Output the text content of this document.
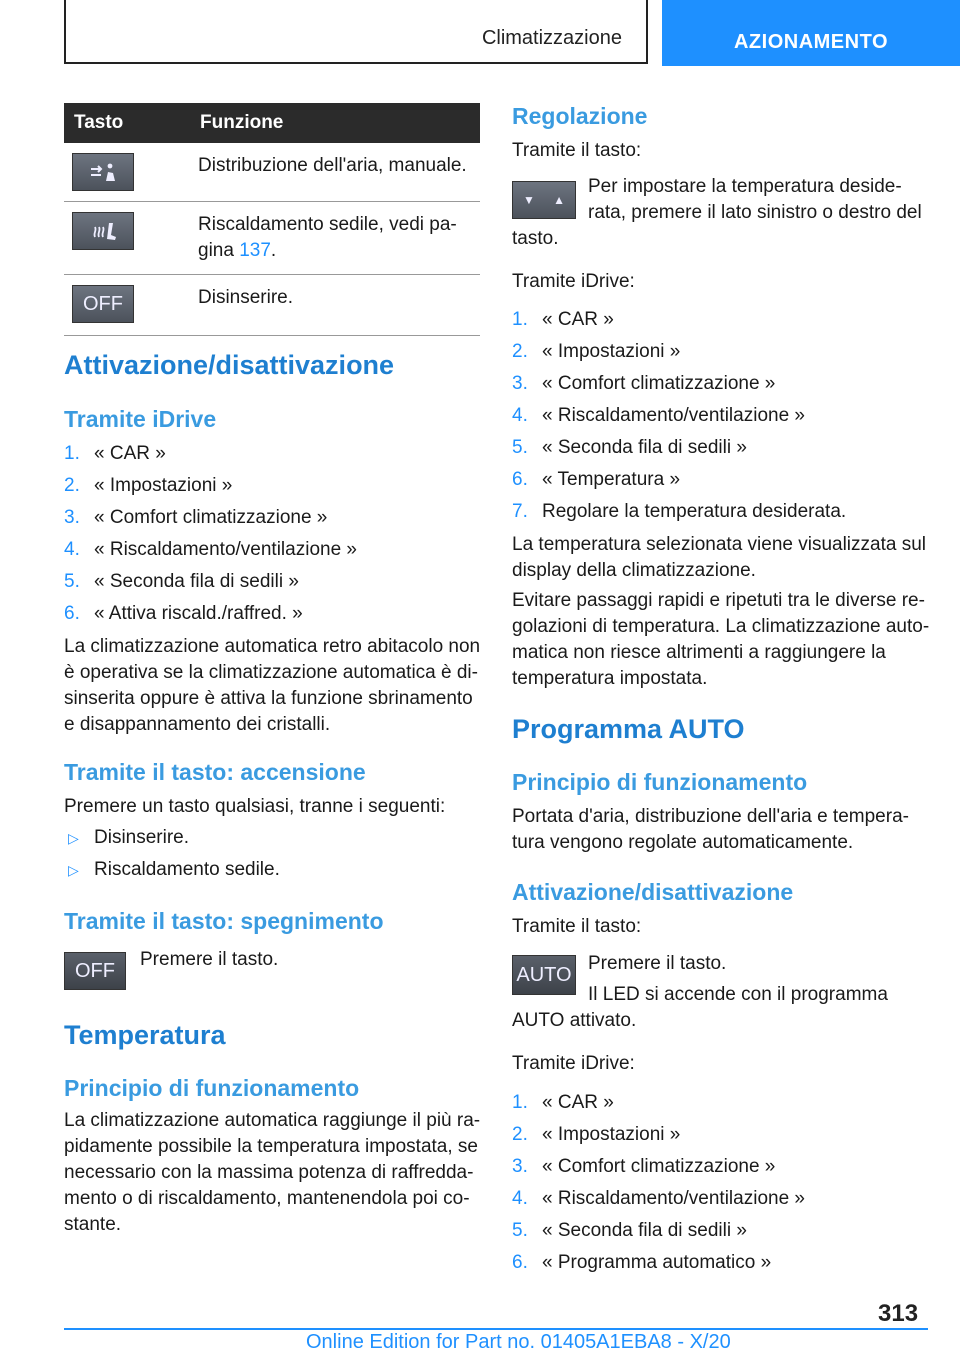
Climatizzazione	AZIONAMENTO
Tasto	Funzione

	Distribuzione dell'aria, manuale.

	Riscaldamento sedile, vedi pa-
gina 137.

OFF	Disinserire.
Attivazione/disattivazione
Tramite iDrive
1. « CAR »
2. « Impostazioni »
3. « Comfort climatizzazione »
4. « Riscaldamento/ventilazione »
5. « Seconda fila di sedili »
6. « Attiva riscald./raffred. »
La climatizzazione automatica retro abitacolo non
è operativa se la climatizzazione automatica è di-
sinserita oppure è attiva la funzione sbrinamento
e disappannamento dei cristalli.
Tramite il tasto: accensione
Premere un tasto qualsiasi, tranne i seguenti:
▷ Disinserire.
▷ Riscaldamento sedile.
Tramite il tasto: spegnimento
OFF	Premere il tasto.
Temperatura
Principio di funzionamento
La climatizzazione automatica raggiunge il più ra-
pidamente possibile la temperatura impostata, se
necessario con la massima potenza di raffredda-
mento o di riscaldamento, mantenendola poi co-
stante.
Regolazione
Tramite il tasto:
▼ ▲
Per impostare la temperatura deside-
rata, premere il lato sinistro o destro del
tasto.
Tramite iDrive:
1. « CAR »
2. « Impostazioni »
3. « Comfort climatizzazione »
4. « Riscaldamento/ventilazione »
5. « Seconda fila di sedili »
6. « Temperatura »
7. Regolare la temperatura desiderata.
La temperatura selezionata viene visualizzata sul
display della climatizzazione.
Evitare passaggi rapidi e ripetuti tra le diverse re-
golazioni di temperatura. La climatizzazione auto-
matica non riesce altrimenti a raggiungere la
temperatura impostata.
Programma AUTO
Principio di funzionamento
Portata d'aria, distribuzione dell'aria e tempera-
tura vengono regolate automaticamente.
Attivazione/disattivazione
Tramite il tasto:
AUTO Premere il tasto.
Il LED si accende con il programma
AUTO attivato.
Tramite iDrive:
1. « CAR »
2. « Impostazioni »
3. « Comfort climatizzazione »
4. « Riscaldamento/ventilazione »
5. « Seconda fila di sedili »
6. « Programma automatico »
313
Online Edition for Part no. 01405A1EBA8 - X/20
